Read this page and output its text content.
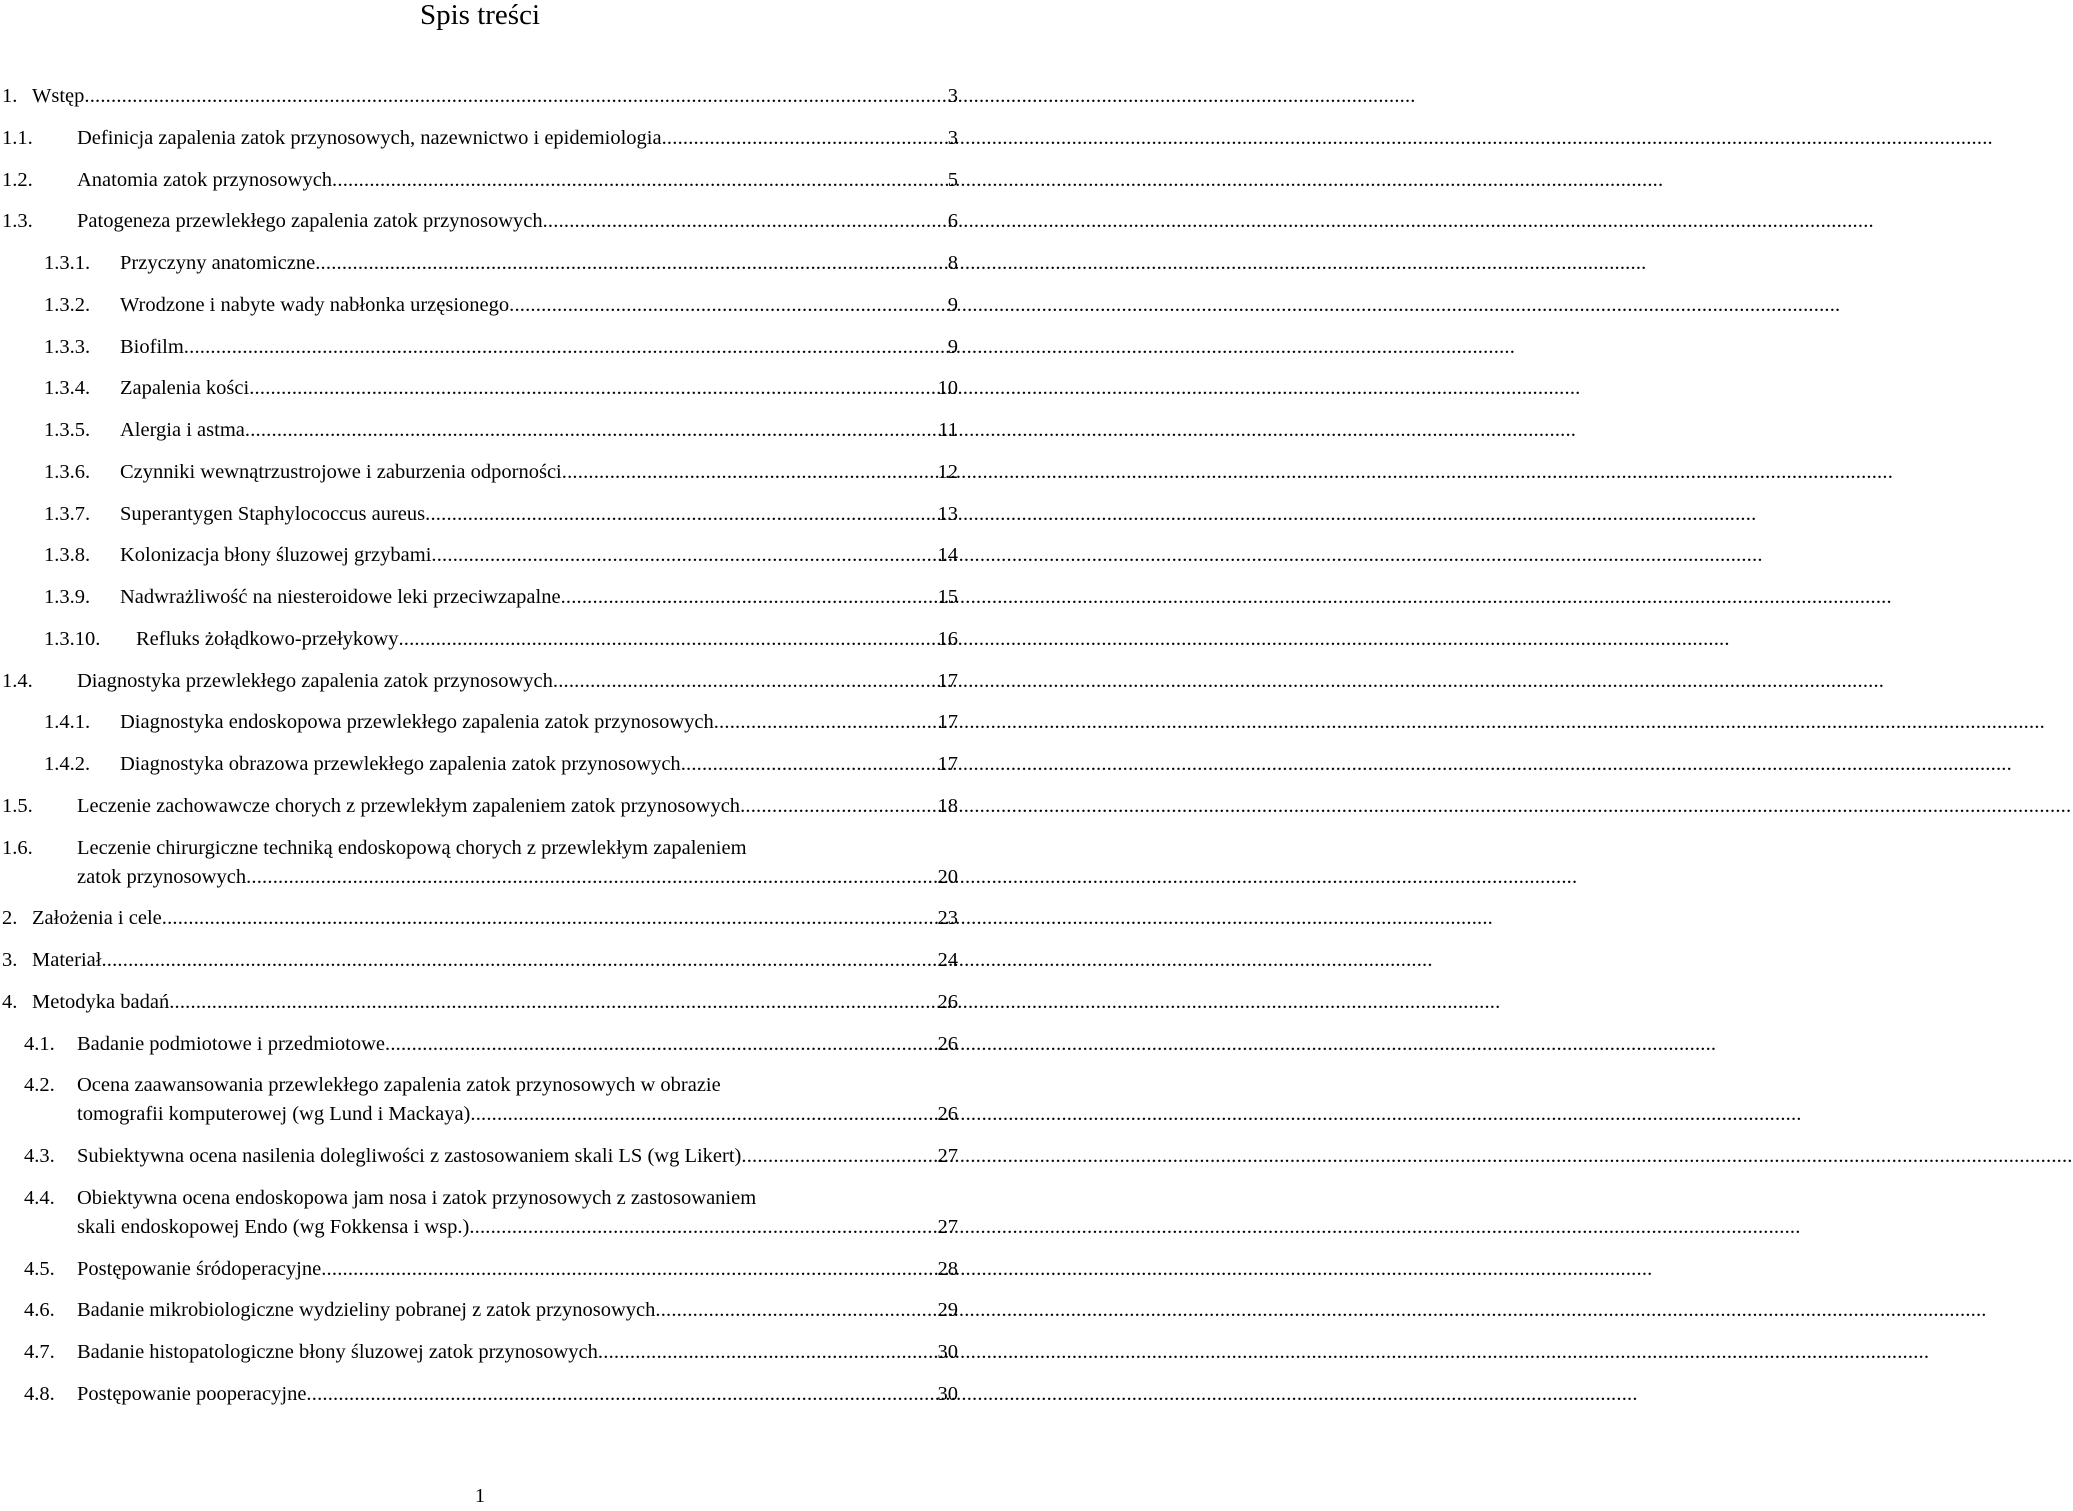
Spis treści
1. Wstęp .....	3
1.1.	Definicja zapalenia zatok przynosowych, nazewnictwo i epidemiologia .....	3
1.2.	Anatomia zatok przynosowych .....	5
1.3.	Patogeneza przewlekłego zapalenia zatok przynosowych .....	6
1.3.1.	Przyczyny anatomiczne .....	8
1.3.2.	Wrodzone i nabyte wady nabłonka urzęsionego .....	9
1.3.3.	Biofilm .....	9
1.3.4.	Zapalenia kości .....	10
1.3.5.	Alergia i astma .....	11
1.3.6.	Czynniki wewnątrzustrojowe i zaburzenia odporności .....	12
1.3.7.	Superantygen Staphylococcus aureus .....	13
1.3.8.	Kolonizacja błony śluzowej grzybami .....	14
1.3.9.	Nadwrażliwość na niesteroidowe leki przeciwzapalne .....	15
1.3.10.	Refluks żołądkowo-przełykowy .....	16
1.4.	Diagnostyka przewlekłego zapalenia zatok przynosowych .....	17
1.4.1.	Diagnostyka endoskopowa przewlekłego zapalenia zatok przynosowych .....	17
1.4.2.	Diagnostyka obrazowa przewlekłego zapalenia zatok przynosowych .....	17
1.5.	Leczenie zachowawcze chorych z przewlekłym zapaleniem zatok przynosowych .....	18
1.6.	Leczenie chirurgiczne techniką endoskopową chorych z przewlekłym zapaleniem
zatok przynosowych .....	20
2. Założenia i cele .....	23
3. Materiał .....	24
4. Metodyka badań .....	26
4.1.	Badanie podmiotowe i przedmiotowe .....	26
4.2.	Ocena zaawansowania przewlekłego zapalenia zatok przynosowych w obrazie
tomografii komputerowej (wg Lund i Mackaya) .....	26
4.3.	Subiektywna ocena nasilenia dolegliwości z zastosowaniem skali LS (wg Likert) .....	27
4.4.	Obiektywna ocena endoskopowa jam nosa i zatok przynosowych z zastosowaniem
skali endoskopowej Endo (wg Fokkensa i wsp.) .....	27
4.5.	Postępowanie śródoperacyjne .....	28
4.6.	Badanie mikrobiologiczne wydzieliny pobranej z zatok przynosowych .....	29
4.7.	Badanie histopatologiczne błony śluzowej zatok przynosowych .....	30
4.8.	Postępowanie pooperacyjne .....	30
1
